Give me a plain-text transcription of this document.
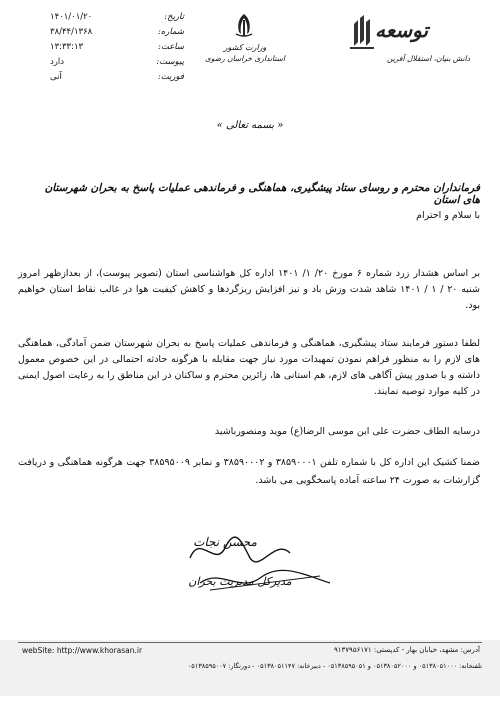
تاریخ:
۱۴۰۱/۰۱/۲۰
شماره:
۳۸/۴۴/۱۳۶۸
ساعت:
۱۳:۳۳:۱۳
پیوست:
دارد
فوریت:
آنی
وزارت کشور
استانداری خراسان رضوی
توسعه
دانش بنیان، استقلال آفرین
« بسمه تعالی »
فرمانداران محترم و روسای ستاد پیشگیری، هماهنگی و فرماندهی عملیات پاسخ به بحران شهرستان های استان
با سلام و احترام
بر اساس هشدار زرد شماره ۶ مورخ ۲۰/ ۱/ ۱۴۰۱ اداره کل هواشناسی استان (تصویر پیوست)، از بعدازظهر امروز شنبه ۲۰ / ۱ / ۱۴۰۱ شاهد شدت وزش باد و نیز افزایش ریزگردها و کاهش کیفیت هوا در غالب نقاط استان خواهیم بود.
لطفا دستور فرمایند ستاد پیشگیری، هماهنگی و فرماندهی عملیات پاسخ به بحران شهرستان ضمن آمادگی، هماهنگی های لازم را به منظور فراهم نمودن تمهیدات مورد نیاز جهت مقابله با هرگونه حادثه احتمالی در این خصوص معمول داشته و با صدور پیش آگاهی های لازم، هم استانی ها، زائرین محترم و ساکنان در این مناطق را به رعایت اصول ایمنی در کلیه موارد توصیه نمایند.
درسایه الطاف حضرت علی ابن موسی الرضا(ع) موید ومنصورباشید
ضمنا کشیک این اداره کل با شماره تلفن ۳۸۵۹۰۰۰۱ و ۳۸۵۹۰۰۰۲ و نمابر ۳۸۵۹۵۰۰۹ جهت هرگونه هماهنگی و دریافت گزارشات به صورت ۲۴ ساعته آماده پاسخگویی می باشد.
محسن نجات
مدیرکل مدیریت بحران
webSite: http://www.khorasan.ir	آدرس: مشهد، خیابان بهار - کدپستی: ۹۱۳۷۹۵۶۱۷۱
تلفنخانه: ۰۵۱۳۸۰۵۱۰۰۰ و ۰۵۱۳۸۰۵۲۰۰۰ و ۰۵۱۳۸۵۹۵۰۵۱ - دبیرخانه: ۰۵۱۳۸۰۵۱۱۴۷ - دورنگار: ۰۵۱۳۸۵۹۵۰۰۷
